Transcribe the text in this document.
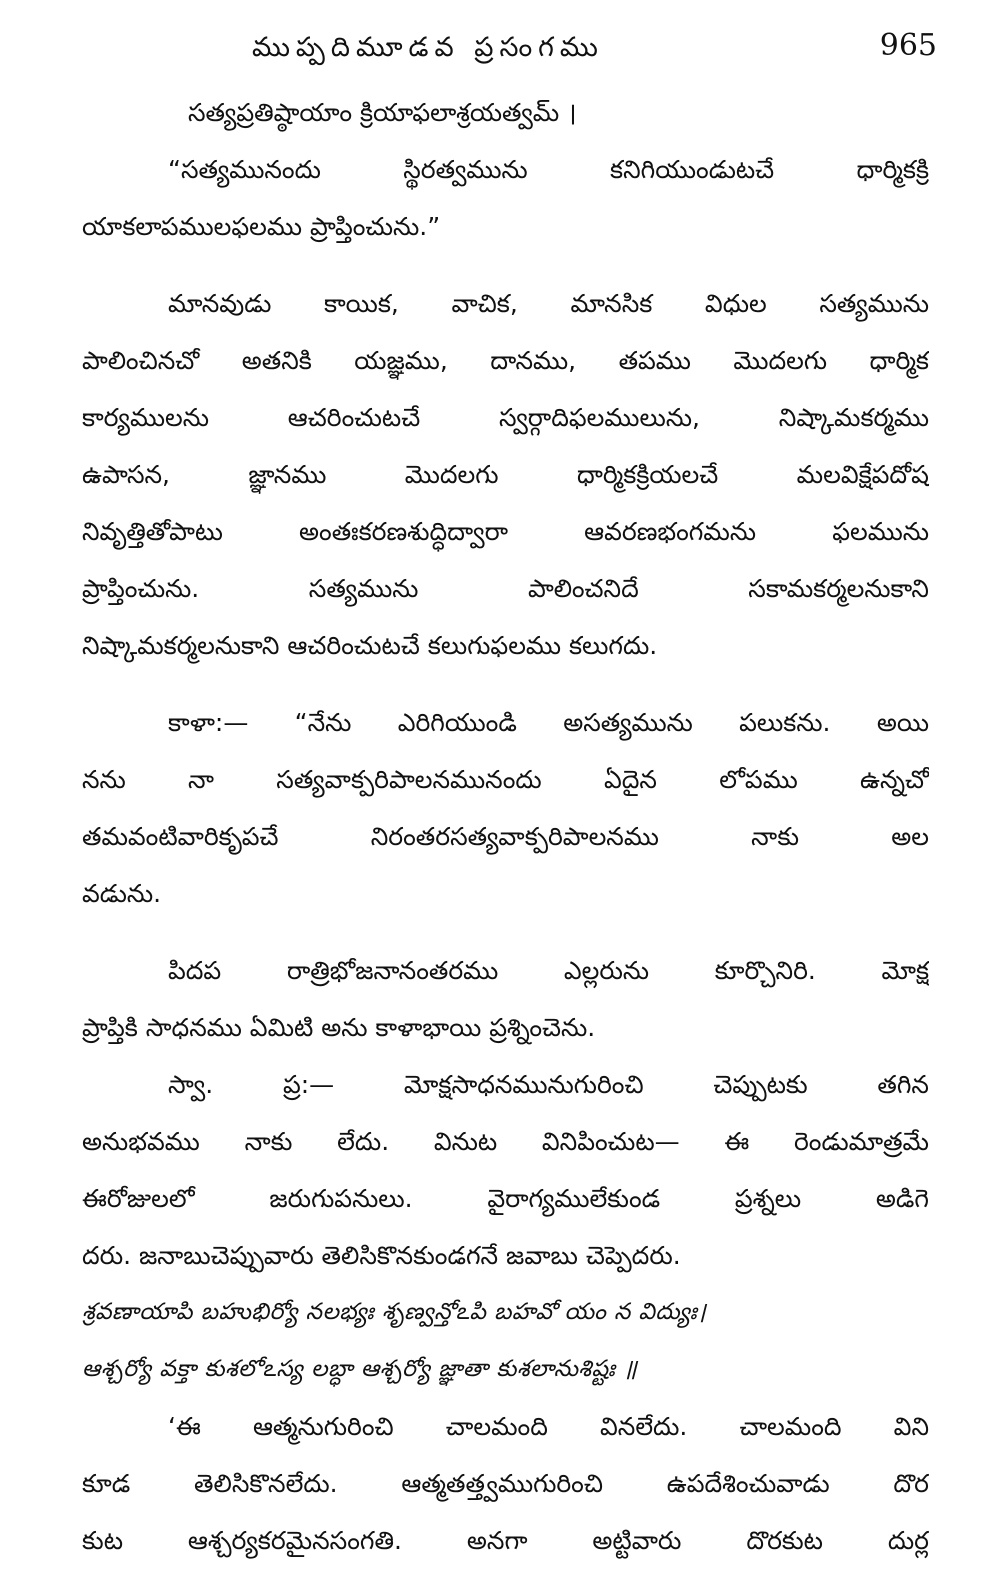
ముప్పదిమూడవ ప్రసంగము	965
సత్యప్రతిష్ఠాయాం క్రియాఫలాశ్రయత్వమ్ ।
“సత్యమునందు స్థిరత్వమును కనిగియుండుటచే ధార్మికక్రి
యాకలాపములఫలము ప్రాప్తించును.”
మానవుడు కాయిక, వాచిక, మానసిక విధుల సత్యమును
పాలించినచో అతనికి యజ్ఞము, దానము, తపము మొదలగు ధార్మిక
కార్యములను ఆచరించుటచే స్వర్గాదిఫలములును, నిష్కామకర్మము
ఉపాసన, జ్ఞానము మొదలగు ధార్మికక్రియలచే మలవిక్షేపదోష
నివృత్తితోపాటు అంతఃకరణశుద్ధిద్వారా ఆవరణభంగమను ఫలమును
ప్రాప్తించును. సత్యమును పాలించనిదే సకామకర్మలనుకాని
నిష్కామకర్మలనుకాని ఆచరించుటచే కలుగుఫలము కలుగదు.
కాళా:— “నేను ఎరిగియుండి అసత్యమును పలుకను. అయి
నను నా సత్యవాక్పరిపాలనమునందు ఏదైన లోపము ఉన్నచో
తమవంటివారికృపచే నిరంతరసత్యవాక్పరిపాలనము నాకు అల
వడును.
పిదప రాత్రిభోజనానంతరము ఎల్లరును కూర్చొనిరి. మోక్ష
ప్రాప్తికి సాధనము ఏమిటి అను కాళాభాయి ప్రశ్నించెను.
స్వా. ప్ర:— మోక్షసాధనమునుగురించి చెప్పుటకు తగిన
అనుభవము నాకు లేదు. వినుట వినిపించుట— ఈ రెండుమాత్రమే
ఈరోజులలో జరుగుపనులు. వైరాగ్యములేకుండ ప్రశ్నలు అడిగె
దరు. జనాబుచెప్పువారు తెలిసికొనకుండగనే జవాబు చెప్పెదరు.
శ్రవణాయాపి బహుభిర్యో నలభ్యః శృణ్వన్తోఽపి బహవో యం న విద్యుః।
ఆశ్చర్యో వక్తా కుశలోఽస్య లబ్ధా ఆశ్చర్యో జ్ఞాతా కుశలానుశిష్టః ॥
‘ఈ ఆత్మనుగురించి చాలమంది వినలేదు. చాలమంది విని
కూడ తెలిసికొనలేదు. ఆత్మతత్త్వముగురించి ఉపదేశించువాడు దొర
కుట ఆశ్చర్యకరమైనసంగతి. అనగా అట్టివారు దొరకుట దుర్ల
